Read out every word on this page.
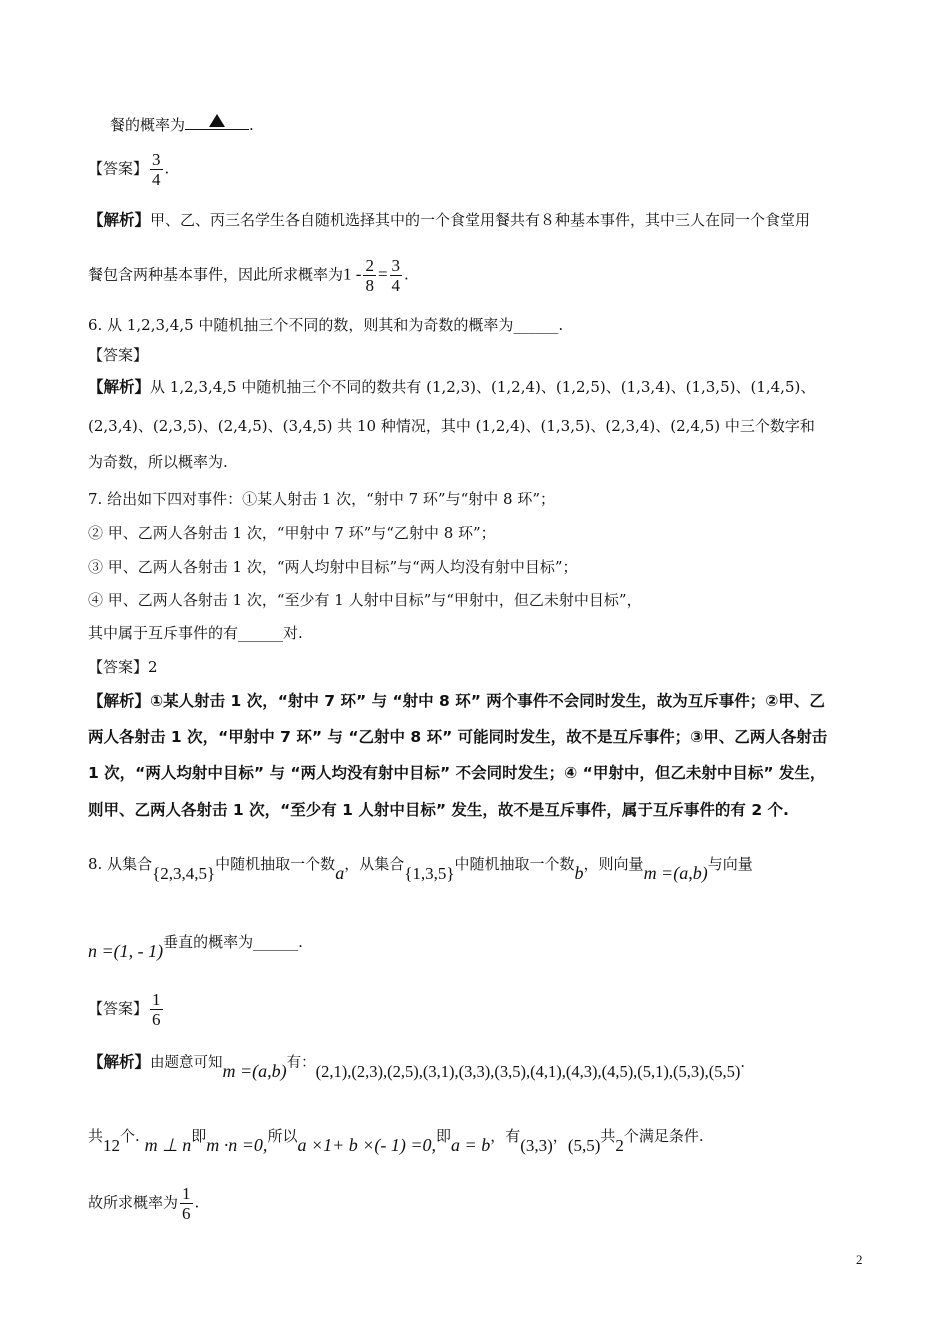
餐的概率为	.
【答案】 $\frac{3}{4}$ .
【解析】甲、乙、丙三名学生各自随机选择其中的一个食堂用餐共有８种基本事件，其中三人在同一个食堂用
餐包含两种基本事件，因此所求概率为$1 - \frac{2}{8} = \frac{3}{4}$ .
6. 从 1,2,3,4,5 中随机抽三个不同的数，则其和为奇数的概率为______.
【答案】
【解析】从 1,2,3,4,5 中随机抽三个不同的数共有 (1,2,3)、(1,2,4)、(1,2,5)、(1,3,4)、(1,3,5)、(1,4,5)、
(2,3,4)、(2,3,5)、(2,4,5)、(3,4,5) 共 10 种情况，其中 (1,2,4)、(1,3,5)、(2,3,4)、(2,4,5) 中三个数字和
为奇数，所以概率为.
7. 给出如下四对事件：①某人射击 1 次，“射中 7 环”与“射中 8 环”；
② 甲、乙两人各射击 1 次，“甲射中 7 环”与“乙射中 8 环”；
③ 甲、乙两人各射击 1 次，“两人均射中目标”与“两人均没有射中目标”；
④ 甲、乙两人各射击 1 次，“至少有 1 人射中目标”与“甲射中，但乙未射中目标”，
其中属于互斥事件的有______对.
【答案】2
【解析】①某人射击 1 次，“射中 7 环” 与 “射中 8 环” 两个事件不会同时发生，故为互斥事件；②甲、乙
两人各射击 1 次，“甲射中 7 环” 与 “乙射中 8 环” 可能同时发生，故不是互斥事件；③甲、乙两人各射击
1 次，“两人均射中目标” 与 “两人均没有射中目标” 不会同时发生；④ “甲射中，但乙未射中目标” 发生，
则甲、乙两人各射击 1 次，“至少有 1 人射中目标” 发生，故不是互斥事件，属于互斥事件的有 2 个.
8. 从集合{2,3,4,5}中随机抽取一个数a，从集合{1,3,5}中随机抽取一个数b，则向量m =(a,b)与向量
n =(1, - 1)垂直的概率为______.
【答案】 $\frac{1}{6}$
【解析】由题意可知m =(a,b)有：(2,1),(2,3),(2,5),(3,1),(3,3),(3,5),(4,1),(4,3),(4,5),(5,1),(5,3),(5,5).
共12个. m ⊥ n即m ·n =0,所以a ×1+ b ×(- 1) =0,即a = b，有(3,3)，(5,5)共2个满足条件.
故所求概率为 $\frac{1}{6}$ .
2
